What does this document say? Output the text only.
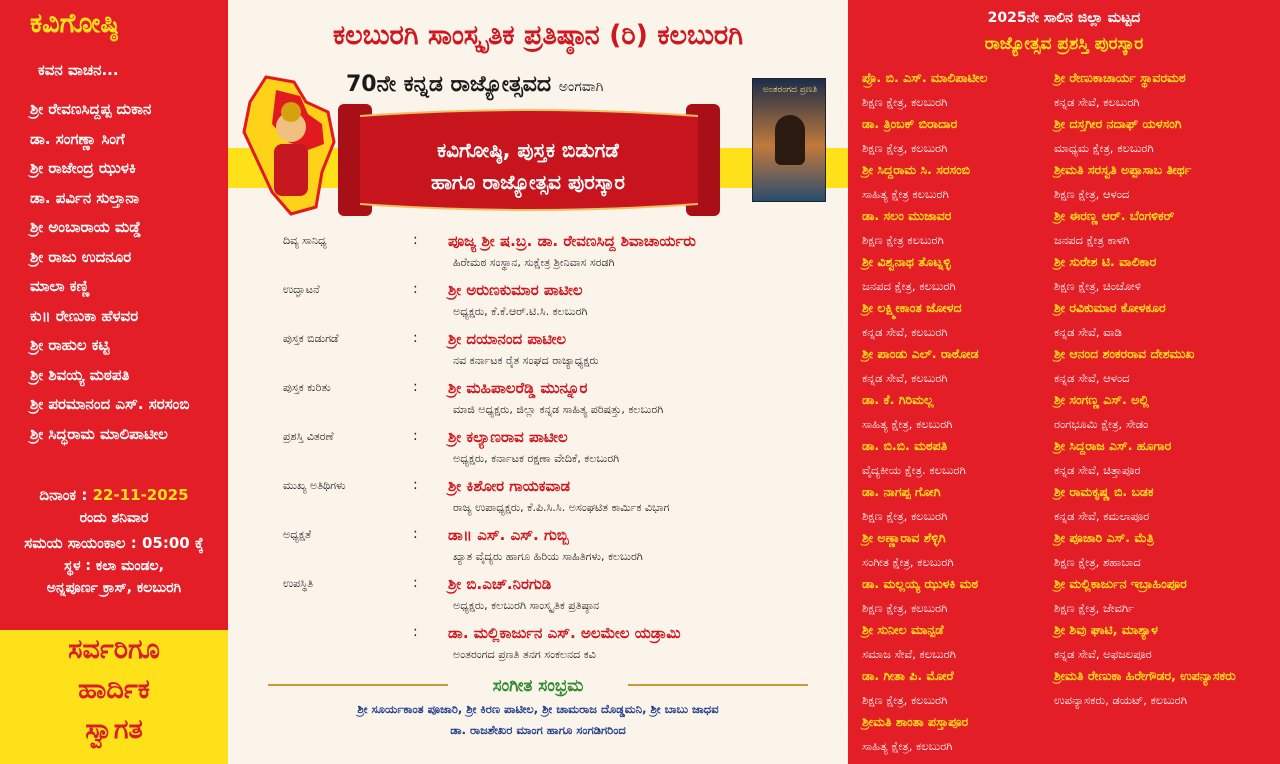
ಕವಿಗೋಷ್ಠಿ
ಕವನ ವಾಚನ...
ಶ್ರೀ ರೇವಣಸಿದ್ದಪ್ಪ ದುಕಾನ
ಡಾ. ಸಂಗಣ್ಣಾ ಸಿಂಗೆ
ಶ್ರೀ ರಾಜೇಂದ್ರ ಝುಳಕಿ
ಡಾ. ಪರ್ವಿನ ಸುಲ್ತಾನಾ
ಶ್ರೀ ಅಂಬಾರಾಯ ಮಡ್ಡೆ
ಶ್ರೀ ರಾಜು ಉದನೂರ
ಮಾಲಾ ಕಣ್ಣಿ
ಕು॥ ರೇಣುಕಾ ಹೆಳವರ
ಶ್ರೀ ರಾಹುಲ ಕಟ್ಟಿ
ಶ್ರೀ ಶಿವಯ್ಯ ಮಠಪತಿ
ಶ್ರೀ ಪರಮಾನಂದ ಎಸ್. ಸರಸಂಬಿ
ಶ್ರೀ ಸಿದ್ಧರಾಮ ಮಾಲಿಪಾಟೀಲ
ದಿನಾಂಕ : 22-11-2025
ರಂದು ಶನಿವಾರ
ಸಮಯ ಸಾಯಂಕಾಲ : 05:00 ಕ್ಕೆ
ಸ್ಥಳ : ಕಲಾ ಮಂಡಲ,
ಅನ್ನಪೂರ್ಣ ಕ್ರಾಸ್, ಕಲಬುರಗಿ
ಸರ್ವರಿಗೂ
ಹಾರ್ದಿಕ
ಸ್ವಾಗತ
ಕಲಬುರಗಿ ಸಾಂಸ್ಕೃತಿಕ ಪ್ರತಿಷ್ಠಾನ (ರಿ) ಕಲಬುರಗಿ
70ನೇ ಕನ್ನಡ ರಾಜ್ಯೋತ್ಸವದ ಅಂಗವಾಗಿ
ಕವಿಗೋಷ್ಠಿ, ಪುಸ್ತಕ ಬಿಡುಗಡೆ
ಹಾಗೂ ರಾಜ್ಯೋತ್ಸವ ಪುರಸ್ಕಾರ
ಅಂತರಂಗದ ಪ್ರಣತಿ
ದಿವ್ಯ ಸಾನಿಧ್ಯ	: ಪೂಜ್ಯ ಶ್ರೀ ಷ.ಬ್ರ. ಡಾ. ರೇವಣಸಿದ್ದ ಶಿವಾಚಾರ್ಯರು
ಹಿರೇಮಠ ಸಂಸ್ಥಾನ, ಸುಕ್ಷೇತ್ರ ಶ್ರೀನಿವಾಸ ಸರಡಗಿ
ಉದ್ಘಾಟನೆ	: ಶ್ರೀ ಅರುಣಕುಮಾರ ಪಾಟೀಲ
ಅಧ್ಯಕ್ಷರು, ಕೆ.ಕೆ.ಆರ್.ಟಿ.ಸಿ. ಕಲಬುರಗಿ
ಪುಸ್ತಕ ಬಿಡುಗಡೆ	: ಶ್ರೀ ದಯಾನಂದ ಪಾಟೀಲ
ನವ ಕರ್ನಾಟಕ ರೈತ ಸಂಘದ ರಾಜ್ಯಾಧ್ಯಕ್ಷರು
ಪುಸ್ತಕ ಕುರಿತು	: ಶ್ರೀ ಮಹಿಪಾಲರೆಡ್ಡಿ ಮುನ್ನೂರ
ಮಾಜಿ ಅಧ್ಯಕ್ಷರು, ಜಿಲ್ಲಾ ಕನ್ನಡ ಸಾಹಿತ್ಯ ಪರಿಷತ್ತು, ಕಲಬುರಗಿ
ಪ್ರಶಸ್ತಿ ವಿತರಣೆ	: ಶ್ರೀ ಕಲ್ಯಾಣರಾವ ಪಾಟೀಲ
ಅಧ್ಯಕ್ಷರು, ಕರ್ನಾಟಕ ರಕ್ಷಣಾ ವೇದಿಕೆ, ಕಲಬುರಗಿ
ಮುಖ್ಯ ಅತಿಥಿಗಳು	: ಶ್ರೀ ಕಿಶೋರ ಗಾಯಕವಾಡ
ರಾಜ್ಯ ಉಪಾಧ್ಯಕ್ಷರು, ಕೆ.ಪಿ.ಸಿ.ಸಿ. ಅಸಂಘಟಿತ ಕಾರ್ಮಿಕ ವಿಭಾಗ
ಅಧ್ಯಕ್ಷತೆ	: ಡಾ॥ ಎಸ್. ಎಸ್. ಗುಬ್ಬಿ
ಖ್ಯಾತ ವೈದ್ಯರು ಹಾಗೂ ಹಿರಿಯ ಸಾಹಿತಿಗಳು, ಕಲಬುರಗಿ
ಉಪಸ್ಥಿತಿ	: ಶ್ರೀ ಬಿ.ಎಚ್.ನಿರಗುಡಿ
ಅಧ್ಯಕ್ಷರು, ಕಲಬುರಗಿ ಸಾಂಸ್ಕೃತಿಕ ಪ್ರತಿಷ್ಠಾನ
: ಡಾ. ಮಲ್ಲಿಕಾರ್ಜುನ ಎಸ್. ಅಲಮೇಲ ಯಡ್ರಾಮಿ
ಅಂತರಂಗದ ಪ್ರಣತಿ ತನಗ ಸಂಕಲನದ ಕವಿ
ಸಂಗೀತ ಸಂಭ್ರಮ
ಶ್ರೀ ಸೂರ್ಯಕಾಂತ ಪೂಜಾರಿ, ಶ್ರೀ ಕಿರಣ ಪಾಟೀಲ, ಶ್ರೀ ಚಾಮರಾಜ ದೊಡ್ಡಮನಿ, ಶ್ರೀ ಬಾಬು ಜಾಧವ
ಡಾ. ರಾಜಶೇಖರ ಮಾಂಗ ಹಾಗೂ ಸಂಗಡಿಗರಿಂದ
2025ನೇ ಸಾಲಿನ ಜಿಲ್ಲಾ ಮಟ್ಟದ
ರಾಜ್ಯೋತ್ಸವ ಪ್ರಶಸ್ತಿ ಪುರಸ್ಕಾರ
ಪ್ರೊ. ಬಿ. ಎಸ್. ಮಾಲಿಪಾಟೀಲ
ಶಿಕ್ಷಣ ಕ್ಷೇತ್ರ, ಕಲಬುರಗಿ
ಡಾ. ತ್ರಿಂಬಕ್ ಬಿರಾದಾರ
ಶಿಕ್ಷಣ ಕ್ಷೇತ್ರ, ಕಲಬುರಗಿ
ಶ್ರೀ ಸಿದ್ದರಾಮ ಸಿ. ಸರಸಂಬಿ
ಸಾಹಿತ್ಯ ಕ್ಷೇತ್ರ ಕಲಬುರಗಿ
ಡಾ. ಸಲಂ ಮುಜಾವರ
ಶಿಕ್ಷಣ ಕ್ಷೇತ್ರ ಕಲಬುರಗಿ
ಶ್ರೀ ವಿಶ್ವನಾಥ ತೊಟ್ನಳ್ಳಿ
ಜನಪದ ಕ್ಷೇತ್ರ, ಕಲಬುರಗಿ
ಶ್ರೀ ಲಕ್ಷ್ಮೀಕಾಂತ ಜೋಳದ
ಕನ್ನಡ ಸೇವೆ, ಕಲಬುರಗಿ
ಶ್ರೀ ಪಾಂಡು ಎಲ್. ರಾಠೋಡ
ಕನ್ನಡ ಸೇವೆ, ಕಲಬುರಗಿ
ಡಾ. ಕೆ. ಗಿರಿಮಲ್ಲ
ಸಾಹಿತ್ಯ ಕ್ಷೇತ್ರ, ಕಲಬುರಗಿ
ಡಾ. ಬಿ.ಬಿ. ಮಠಪತಿ
ವೈದ್ಯಕೀಯ ಕ್ಷೇತ್ರ. ಕಲಬುರಗಿ
ಡಾ. ನಾಗಪ್ಪ ಗೋಗಿ
ಶಿಕ್ಷಣ ಕ್ಷೇತ್ರ, ಕಲಬುರಗಿ
ಶ್ರೀ ಅಣ್ಣಾರಾವ ಶೆಳ್ಳಿಗಿ
ಸಂಗೀತ ಕ್ಷೇತ್ರ, ಕಲಬುರಗಿ
ಡಾ. ಮಲ್ಲಯ್ಯ ಝುಳಕಿ ಮಠ
ಶಿಕ್ಷಣ ಕ್ಷೇತ್ರ, ಕಲಬುರಗಿ
ಶ್ರೀ ಸುನೀಲ ಮಾನ್ಪಡೆ
ಸಮಾಜ ಸೇವೆ, ಕಲಬುರಗಿ
ಡಾ. ಗೀತಾ ಪಿ. ಮೋರೆ
ಶಿಕ್ಷಣ ಕ್ಷೇತ್ರ, ಕಲಬುರಗಿ
ಶ್ರೀಮತಿ ಶಾಂತಾ ಪಸ್ತಾಪೂರ
ಸಾಹಿತ್ಯ ಕ್ಷೇತ್ರ, ಕಲಬುರಗಿ
ಶ್ರೀ ರೇಣುಕಾಚಾರ್ಯ ಸ್ಥಾವರಮಠ
ಕನ್ನಡ ಸೇವೆ, ಕಲಬುರಗಿ
ಶ್ರೀ ದಸ್ತಗೀರ ನದಾಫ್ ಯಳಸಂಗಿ
ಮಾಧ್ಯಮ ಕ್ಷೇತ್ರ, ಕಲಬುರಗಿ
ಶ್ರೀಮತಿ ಸರಸ್ವತಿ ಅಪ್ಪಾಸಾಬ ತೀರ್ಥ
ಶಿಕ್ಷಣ ಕ್ಷೇತ್ರ, ಆಳಂದ
ಶ್ರೀ ಈರಣ್ಣ ಆರ್. ಬೆಂಗಳಿಕರ್
ಜನಪದ ಕ್ಷೇತ್ರ ಕಾಳಗಿ
ಶ್ರೀ ಸುರೇಶ ಟಿ. ವಾಲಿಕಾರ
ಶಿಕ್ಷಣ ಕ್ಷೇತ್ರ, ಚಿಂಚೋಳಿ
ಶ್ರೀ ರವಿಕುಮಾರ ಕೋಳಕೂರ
ಕನ್ನಡ ಸೇವೆ, ವಾಡಿ
ಶ್ರೀ ಆನಂದ ಶಂಕರರಾವ ದೇಶಮುಖ
ಕನ್ನಡ ಸೇವೆ, ಆಳಂದ
ಶ್ರೀ ಸಂಗಣ್ಣ ಎಸ್. ಅಲ್ಲಿ
ರಂಗಭೂಮಿ ಕ್ಷೇತ್ರ, ಸೇಡಂ
ಶ್ರೀ ಸಿದ್ದರಾಜ ಎಸ್. ಹೂಗಾರ
ಕನ್ನಡ ಸೇವೆ, ಚಿತ್ತಾಪೂರ
ಶ್ರೀ ರಾಮಕೃಷ್ಣ ಬಿ. ಬಡಕ
ಕನ್ನಡ ಸೇವೆ, ಕಮಲಾಪೂರ
ಶ್ರೀ ಪೂಜಾರಿ ಎಸ್. ಮೆತ್ರಿ
ಶಿಕ್ಷಣ ಕ್ಷೇತ್ರ, ಶಹಾಬಾದ
ಶ್ರೀ ಮಲ್ಲಿಕಾರ್ಜುನ ಇಬ್ರಾಹಿಂಪೂರ
ಶಿಕ್ಷಣ ಕ್ಷೇತ್ರ, ಜೇವರ್ಗಿ
ಶ್ರೀ ಶಿವು ಘಾಟಿ, ಮಾಶ್ಯಾಳ
ಕನ್ನಡ ಸೇವೆ, ಅಫಜಲಪೂರ
ಶ್ರೀಮತಿ ರೇಣುಕಾ ಹಿರೇಗೌಡರ, ಉಪನ್ಯಾಸಕರು
ಉಪನ್ಯಾಸಕರು, ಡಯಟ್, ಕಲಬುರಗಿ
